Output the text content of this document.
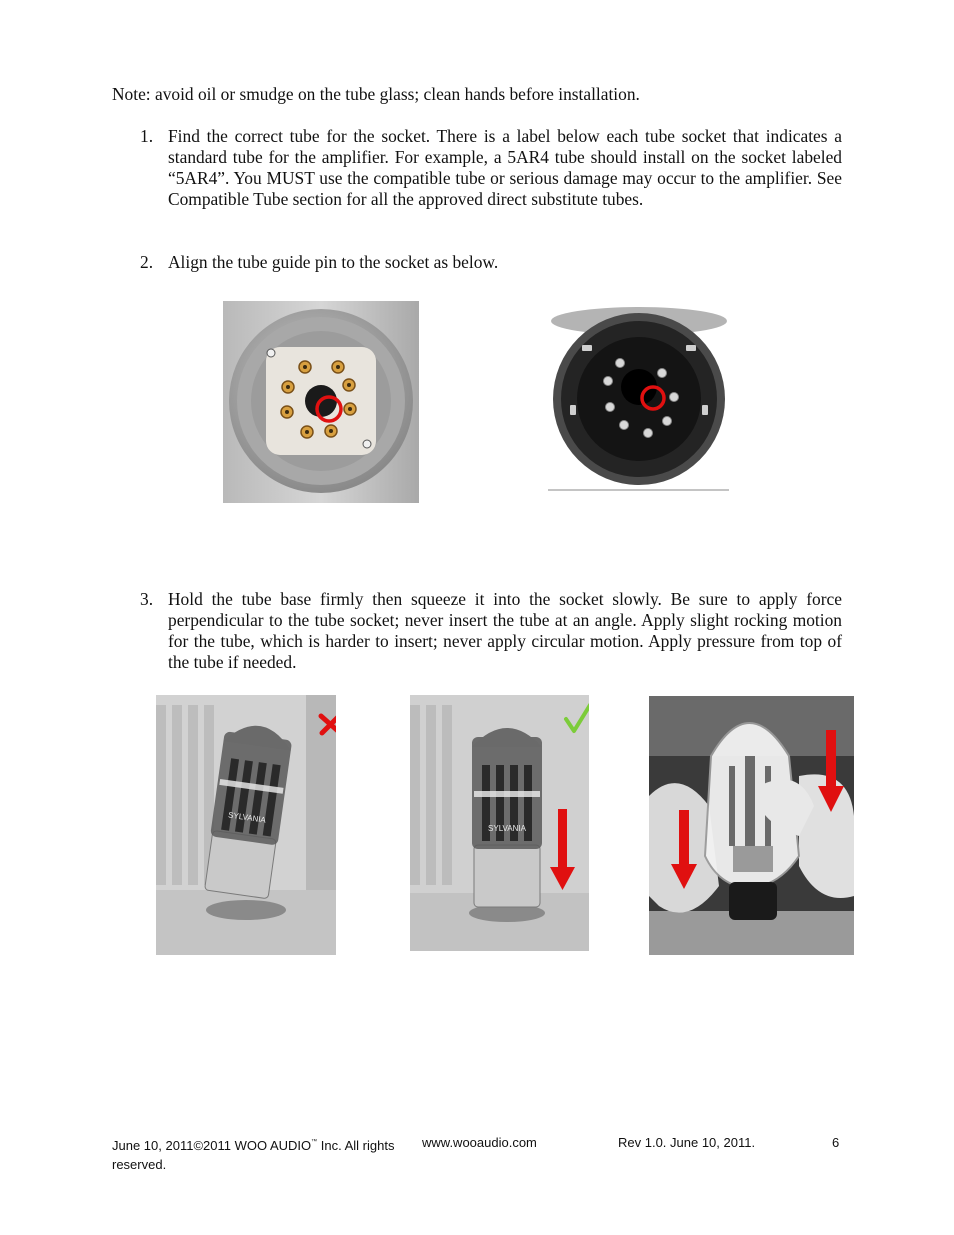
Note: avoid oil or smudge on the tube glass; clean hands before installation.
1. Find the correct tube for the socket. There is a label below each tube socket that indicates a standard tube for the amplifier. For example, a 5AR4 tube should install on the socket labeled “5AR4”. You MUST use the compatible tube or serious damage may occur to the amplifier. See Compatible Tube section for all the approved direct substitute tubes.
2. Align the tube guide pin to the socket as below.
3. Hold the tube base firmly then squeeze it into the socket slowly. Be sure to apply force perpendicular to the tube socket; never insert the tube at an angle. Apply slight rocking motion for the tube, which is harder to insert; never apply circular motion. Apply pressure from top of the tube if needed.
SYLVANIA
SYLVANIA
June 10, 2011©2011 WOO AUDIO™ Inc. All rights reserved.
www.wooaudio.com	Rev 1.0. June 10, 2011.	6
